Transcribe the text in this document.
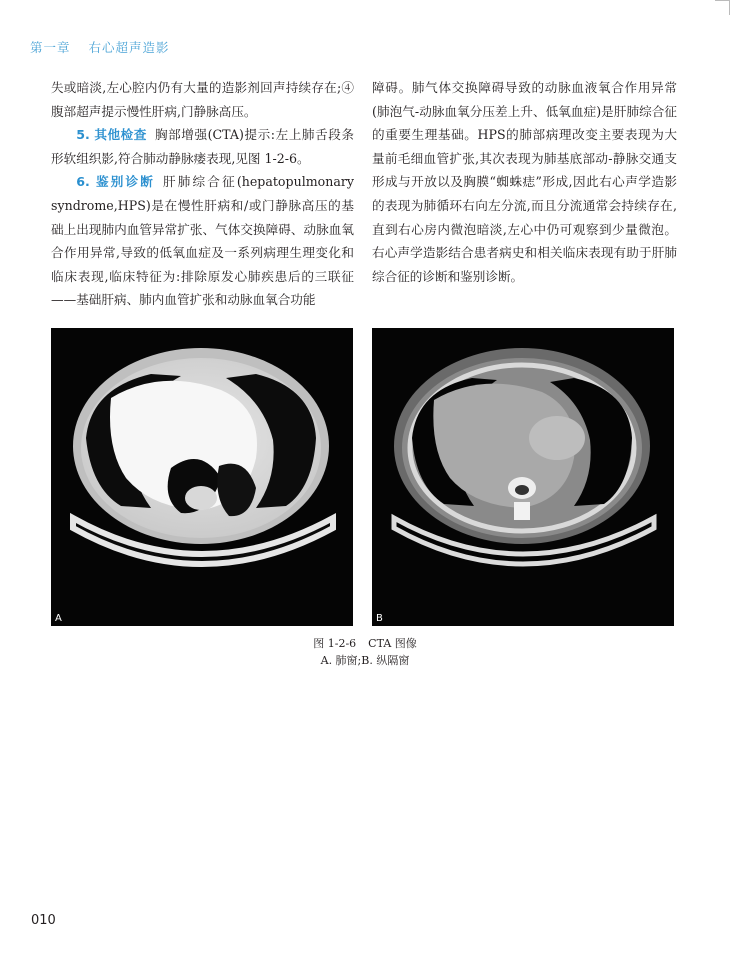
第一章 右心超声造影

失或暗淡,左心腔内仍有大量的造影剂回声持续存在;④腹部超声提示慢性肝病,门静脉高压。

5. 其他检查 胸部增强(CTA)提示:左上肺舌段条形软组织影,符合肺动静脉瘘表现,见图 1-2-6。

6. 鉴别诊断 肝肺综合征(hepatopulmonary syndrome,HPS)是在慢性肝病和/或门静脉高压的基础上出现肺内血管异常扩张、气体交换障碍、动脉血氧合作用异常,导致的低氧血症及一系列病理生理变化和临床表现,临床特征为:排除原发心肺疾患后的三联征——基础肝病、肺内血管扩张和动脉血氧合功能

障碍。肺气体交换障碍导致的动脉血液氧合作用异常(肺泡气-动脉血氧分压差上升、低氧血症)是肝肺综合征的重要生理基础。HPS的肺部病理改变主要表现为大量前毛细血管扩张,其次表现为肺基底部动-静脉交通支形成与开放以及胸膜“蜘蛛痣”形成,因此右心声学造影的表现为肺循环右向左分流,而且分流通常会持续存在,直到右心房内微泡暗淡,左心中仍可观察到少量微泡。右心声学造影结合患者病史和相关临床表现有助于肝肺综合征的诊断和鉴别诊断。

A	B
图 1-2-6 CTA 图像
A. 肺窗;B. 纵隔窗
010
